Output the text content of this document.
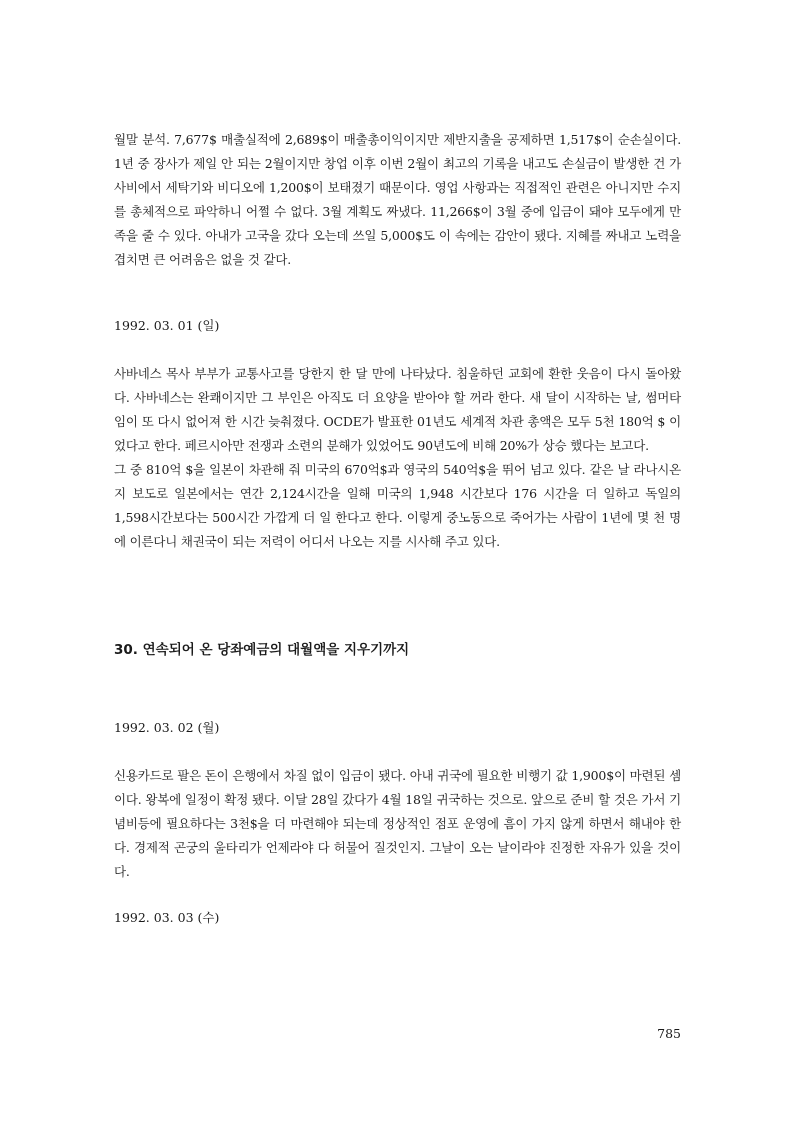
월말 분석. 7,677$ 매출실적에 2,689$이 매출총이익이지만 제반지출을 공제하면 1,517$이 순손실이다. 1년 중 장사가 제일 안 되는 2월이지만 창업 이후 이번 2월이 최고의 기록을 내고도 손실금이 발생한 건 가사비에서 세탁기와 비디오에 1,200$이 보태졌기 때문이다. 영업 사항과는 직접적인 관련은 아니지만 수지를 총체적으로 파악하니 어쩔 수 없다. 3월 계획도 짜냈다. 11,266$이 3월 중에 입금이 돼야 모두에게 만족을 줄 수 있다. 아내가 고국을 갔다 오는데 쓰일 5,000$도 이 속에는 감안이 됐다. 지혜를 짜내고 노력을 겹치면 큰 어려움은 없을 것 같다.

1992. 03. 01 (일)

사바네스 목사 부부가 교통사고를 당한지 한 달 만에 나타났다. 침울하던 교회에 환한 웃음이 다시 돌아왔다. 사바네스는 완쾌이지만 그 부인은 아직도 더 요양을 받아야 할 꺼라 한다. 새 달이 시작하는 날, 썸머타임이 또 다시 없어져 한 시간 늦춰졌다. OCDE가 발표한 01년도 세계적 차관 총액은 모두 5천 180억 $ 이었다고 한다. 페르시아만 전쟁과 소련의 분해가 있었어도 90년도에 비해 20%가 상승 했다는 보고다.

그 중 810억 $을 일본이 차관해 줘 미국의 670억$과 영국의 540억$을 뛰어 넘고 있다. 같은 날 라나시온지 보도로 일본에서는 연간 2,124시간을 일해 미국의 1,948 시간보다 176 시간을 더 일하고 독일의 1,598시간보다는 500시간 가깝게 더 일 한다고 한다. 이렇게 중노동으로 죽어가는 사람이 1년에 몇 천 명에 이른다니 채권국이 되는 저력이 어디서 나오는 지를 시사해 주고 있다.

30. 연속되어 온 당좌예금의 대월액을 지우기까지

1992. 03. 02 (월)

신용카드로 팔은 돈이 은행에서 차질 없이 입금이 됐다. 아내 귀국에 필요한 비행기 값 1,900$이 마련된 셈이다. 왕복에 일정이 확정 됐다. 이달 28일 갔다가 4월 18일 귀국하는 것으로. 앞으로 준비 할 것은 가서 기념비등에 필요하다는 3천$을 더 마련해야 되는데 정상적인 점포 운영에 흠이 가지 않게 하면서 해내야 한다. 경제적 곤궁의 울타리가 언제라야 다 허물어 질것인지. 그날이 오는 날이라야 진정한 자유가 있을 것이다.

1992. 03. 03 (수)

785
